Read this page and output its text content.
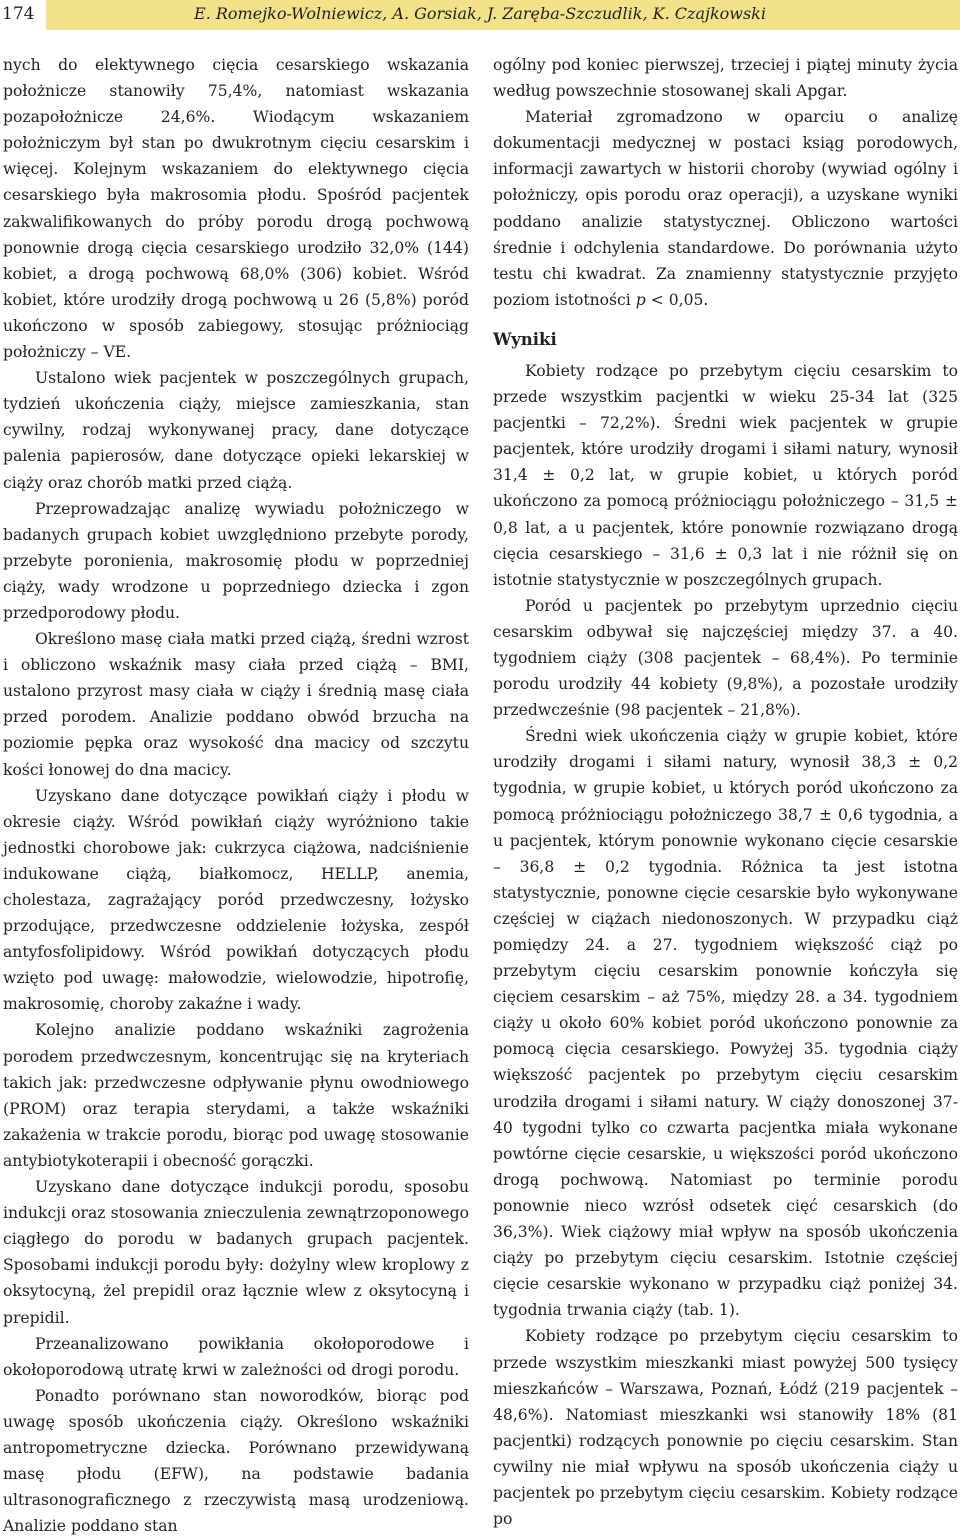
174	E. Romejko-Wolniewicz, A. Gorsiak, J. Zaręba-Szczudlik, K. Czajkowski

nych do elektywnego cięcia cesarskiego wskazania położnicze stanowiły 75,4%, natomiast wskazania pozapołożnicze 24,6%. Wiodącym wskazaniem położniczym był stan po dwukrotnym cięciu cesarskim i więcej. Kolejnym wskazaniem do elektywnego cięcia cesarskiego była makrosomia płodu. Spośród pacjentek zakwalifikowanych do próby porodu drogą pochwową ponownie drogą cięcia cesarskiego urodziło 32,0% (144) kobiet, a drogą pochwową 68,0% (306) kobiet. Wśród kobiet, które urodziły drogą pochwową u 26 (5,8%) poród ukończono w sposób zabiegowy, stosując próżniociąg położniczy – VE.

Ustalono wiek pacjentek w poszczególnych grupach, tydzień ukończenia ciąży, miejsce zamieszkania, stan cywilny, rodzaj wykonywanej pracy, dane dotyczące palenia papierosów, dane dotyczące opieki lekarskiej w ciąży oraz chorób matki przed ciążą.

Przeprowadzając analizę wywiadu położniczego w badanych grupach kobiet uwzględniono przebyte porody, przebyte poronienia, makrosomię płodu w poprzedniej ciąży, wady wrodzone u poprzedniego dziecka i zgon przedporodowy płodu.

Określono masę ciała matki przed ciążą, średni wzrost i obliczono wskaźnik masy ciała przed ciążą – BMI, ustalono przyrost masy ciała w ciąży i średnią masę ciała przed porodem. Analizie poddano obwód brzucha na poziomie pępka oraz wysokość dna macicy od szczytu kości łonowej do dna macicy.

Uzyskano dane dotyczące powikłań ciąży i płodu w okresie ciąży. Wśród powikłań ciąży wyróżniono takie jednostki chorobowe jak: cukrzyca ciążowa, nadciśnienie indukowane ciążą, białkomocz, HELLP, anemia, cholestaza, zagrażający poród przedwczesny, łożysko przodujące, przedwczesne oddzielenie łożyska, zespół antyfosfolipidowy. Wśród powikłań dotyczących płodu wzięto pod uwagę: małowodzie, wielowodzie, hipotrofię, makrosomię, choroby zakaźne i wady.

Kolejno analizie poddano wskaźniki zagrożenia porodem przedwczesnym, koncentrując się na kryteriach takich jak: przedwczesne odpływanie płynu owodniowego (PROM) oraz terapia sterydami, a także wskaźniki zakażenia w trakcie porodu, biorąc pod uwagę stosowanie antybiotykoterapii i obecność gorączki.

Uzyskano dane dotyczące indukcji porodu, sposobu indukcji oraz stosowania znieczulenia zewnątrzoponowego ciągłego do porodu w badanych grupach pacjentek. Sposobami indukcji porodu były: dożylny wlew kroplowy z oksytocyną, żel prepidil oraz łącznie wlew z oksytocyną i prepidil.

Przeanalizowano powikłania okołoporodowe i okołoporodową utratę krwi w zależności od drogi porodu.

Ponadto porównano stan noworodków, biorąc pod uwagę sposób ukończenia ciąży. Określono wskaźniki antropometryczne dziecka. Porównano przewidywaną masę płodu (EFW), na podstawie badania ultrasonograficznego z rzeczywistą masą urodzeniową. Analizie poddano stan

ogólny pod koniec pierwszej, trzeciej i piątej minuty życia według powszechnie stosowanej skali Apgar.

Materiał zgromadzono w oparciu o analizę dokumentacji medycznej w postaci ksiąg porodowych, informacji zawartych w historii choroby (wywiad ogólny i położniczy, opis porodu oraz operacji), a uzyskane wyniki poddano analizie statystycznej. Obliczono wartości średnie i odchylenia standardowe. Do porównania użyto testu chi kwadrat. Za znamienny statystycznie przyjęto poziom istotności p < 0,05.

Wyniki

Kobiety rodzące po przebytym cięciu cesarskim to przede wszystkim pacjentki w wieku 25-34 lat (325 pacjentki – 72,2%). Średni wiek pacjentek w grupie pacjentek, które urodziły drogami i siłami natury, wynosił 31,4 ± 0,2 lat, w grupie kobiet, u których poród ukończono za pomocą próżniociągu położniczego – 31,5 ± 0,8 lat, a u pacjentek, które ponownie rozwiązano drogą cięcia cesarskiego – 31,6 ± 0,3 lat i nie różnił się on istotnie statystycznie w poszczególnych grupach.

Poród u pacjentek po przebytym uprzednio cięciu cesarskim odbywał się najczęściej między 37. a 40. tygodniem ciąży (308 pacjentek – 68,4%). Po terminie porodu urodziły 44 kobiety (9,8%), a pozostałe urodziły przedwcześnie (98 pacjentek – 21,8%).

Średni wiek ukończenia ciąży w grupie kobiet, które urodziły drogami i siłami natury, wynosił 38,3 ± 0,2 tygodnia, w grupie kobiet, u których poród ukończono za pomocą próżniociągu położniczego 38,7 ± 0,6 tygodnia, a u pacjentek, którym ponownie wykonano cięcie cesarskie – 36,8 ± 0,2 tygodnia. Różnica ta jest istotna statystycznie, ponowne cięcie cesarskie było wykonywane częściej w ciążach niedonoszonych. W przypadku ciąż pomiędzy 24. a 27. tygodniem większość ciąż po przebytym cięciu cesarskim ponownie kończyła się cięciem cesarskim – aż 75%, między 28. a 34. tygodniem ciąży u około 60% kobiet poród ukończono ponownie za pomocą cięcia cesarskiego. Powyżej 35. tygodnia ciąży większość pacjentek po przebytym cięciu cesarskim urodziła drogami i siłami natury. W ciąży donoszonej 37-40 tygodni tylko co czwarta pacjentka miała wykonane powtórne cięcie cesarskie, u większości poród ukończono drogą pochwową. Natomiast po terminie porodu ponownie nieco wzrósł odsetek cięć cesarskich (do 36,3%). Wiek ciążowy miał wpływ na sposób ukończenia ciąży po przebytym cięciu cesarskim. Istotnie częściej cięcie cesarskie wykonano w przypadku ciąż poniżej 34. tygodnia trwania ciąży (tab. 1).

Kobiety rodzące po przebytym cięciu cesarskim to przede wszystkim mieszkanki miast powyżej 500 tysięcy mieszkańców – Warszawa, Poznań, Łódź (219 pacjentek – 48,6%). Natomiast mieszkanki wsi stanowiły 18% (81 pacjentki) rodzących ponownie po cięciu cesarskim. Stan cywilny nie miał wpływu na sposób ukończenia ciąży u pacjentek po przebytym cięciu cesarskim. Kobiety rodzące po
